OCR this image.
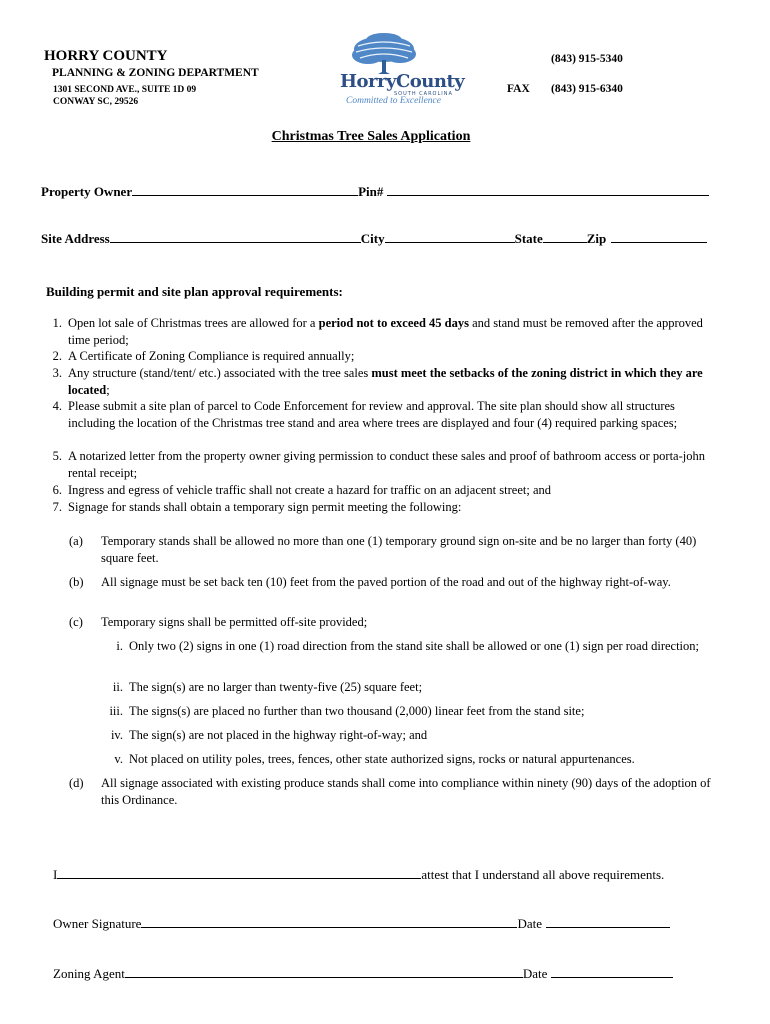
HORRY COUNTY
PLANNING & ZONING DEPARTMENT
1301 SECOND AVE., SUITE 1D 09
CONWAY SC, 29526
(843) 915-5340
FAX (843) 915-6340
HorryCounty
SOUTH CAROLINA
Committed to Excellence
Christmas Tree Sales Application
Property Owner	Pin#
Site Address	City	State	Zip
Building permit and site plan approval requirements:
1. Open lot sale of Christmas trees are allowed for a period not to exceed 45 days and stand must be removed after the approved time period;
2. A Certificate of Zoning Compliance is required annually;
3. Any structure (stand/tent/ etc.) associated with the tree sales must meet the setbacks of the zoning district in which they are located;
4. Please submit a site plan of parcel to Code Enforcement for review and approval. The site plan should show all structures including the location of the Christmas tree stand and area where trees are displayed and four (4) required parking spaces;
5. A notarized letter from the property owner giving permission to conduct these sales and proof of bathroom access or porta-john rental receipt;
6. Ingress and egress of vehicle traffic shall not create a hazard for traffic on an adjacent street; and
7. Signage for stands shall obtain a temporary sign permit meeting the following:
(a) Temporary stands shall be allowed no more than one (1) temporary ground sign on-site and be no larger than forty (40) square feet.
(b) All signage must be set back ten (10) feet from the paved portion of the road and out of the highway right-of-way.
(c) Temporary signs shall be permitted off-site provided;
i. Only two (2) signs in one (1) road direction from the stand site shall be allowed or one (1) sign per road direction;
ii. The sign(s) are no larger than twenty-five (25) square feet;
iii. The signs(s) are placed no further than two thousand (2,000) linear feet from the stand site;
iv. The sign(s) are not placed in the highway right-of-way; and
v. Not placed on utility poles, trees, fences, other state authorized signs, rocks or natural appurtenances.
(d) All signage associated with existing produce stands shall come into compliance within ninety (90) days of the adoption of this Ordinance.
I	attest that I understand all above requirements.
Owner Signature	Date
Zoning Agent	Date
